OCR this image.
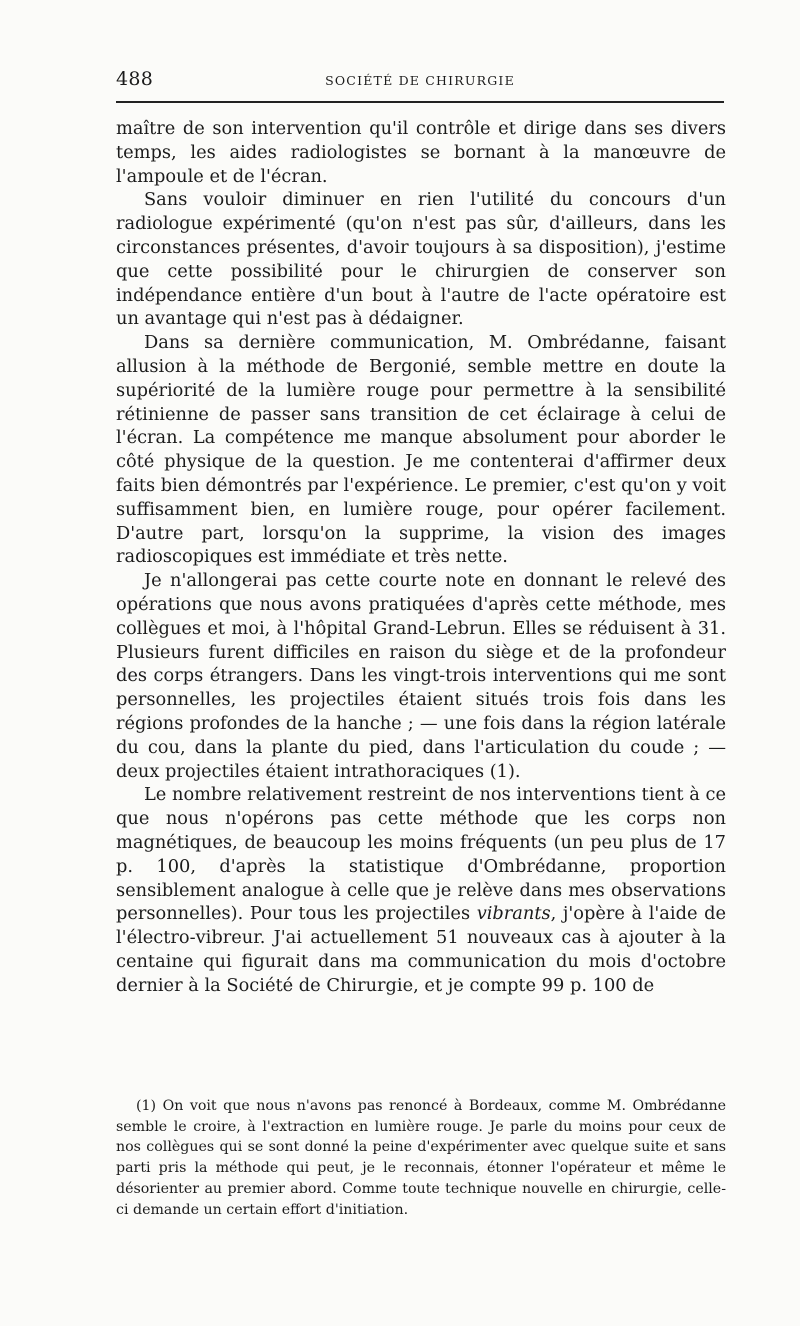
488	SOCIÉTÉ DE CHIRURGIE

maître de son intervention qu'il contrôle et dirige dans ses divers temps, les aides radiologistes se bornant à la manœuvre de l'ampoule et de l'écran.

Sans vouloir diminuer en rien l'utilité du concours d'un radiologue expérimenté (qu'on n'est pas sûr, d'ailleurs, dans les circonstances présentes, d'avoir toujours à sa disposition), j'estime que cette possibilité pour le chirurgien de conserver son indépendance entière d'un bout à l'autre de l'acte opératoire est un avantage qui n'est pas à dédaigner.

Dans sa dernière communication, M. Ombrédanne, faisant allusion à la méthode de Bergonié, semble mettre en doute la supériorité de la lumière rouge pour permettre à la sensibilité rétinienne de passer sans transition de cet éclairage à celui de l'écran. La compétence me manque absolument pour aborder le côté physique de la question. Je me contenterai d'affirmer deux faits bien démontrés par l'expérience. Le premier, c'est qu'on y voit suffisamment bien, en lumière rouge, pour opérer facilement. D'autre part, lorsqu'on la supprime, la vision des images radioscopiques est immédiate et très nette.

Je n'allongerai pas cette courte note en donnant le relevé des opérations que nous avons pratiquées d'après cette méthode, mes collègues et moi, à l'hôpital Grand-Lebrun. Elles se réduisent à 31. Plusieurs furent difficiles en raison du siège et de la profondeur des corps étrangers. Dans les vingt-trois interventions qui me sont personnelles, les projectiles étaient situés trois fois dans les régions profondes de la hanche ; — une fois dans la région latérale du cou, dans la plante du pied, dans l'articulation du coude ; — deux projectiles étaient intrathoraciques (1).

Le nombre relativement restreint de nos interventions tient à ce que nous n'opérons pas cette méthode que les corps non magnétiques, de beaucoup les moins fréquents (un peu plus de 17 p. 100, d'après la statistique d'Ombrédanne, proportion sensiblement analogue à celle que je relève dans mes observations personnelles). Pour tous les projectiles vibrants, j'opère à l'aide de l'électro-vibreur. J'ai actuellement 51 nouveaux cas à ajouter à la centaine qui figurait dans ma communication du mois d'octobre dernier à la Société de Chirurgie, et je compte 99 p. 100 de

(1) On voit que nous n'avons pas renoncé à Bordeaux, comme M. Ombrédanne semble le croire, à l'extraction en lumière rouge. Je parle du moins pour ceux de nos collègues qui se sont donné la peine d'expérimenter avec quelque suite et sans parti pris la méthode qui peut, je le reconnais, étonner l'opérateur et même le désorienter au premier abord. Comme toute technique nouvelle en chirurgie, celle-ci demande un certain effort d'initiation.
